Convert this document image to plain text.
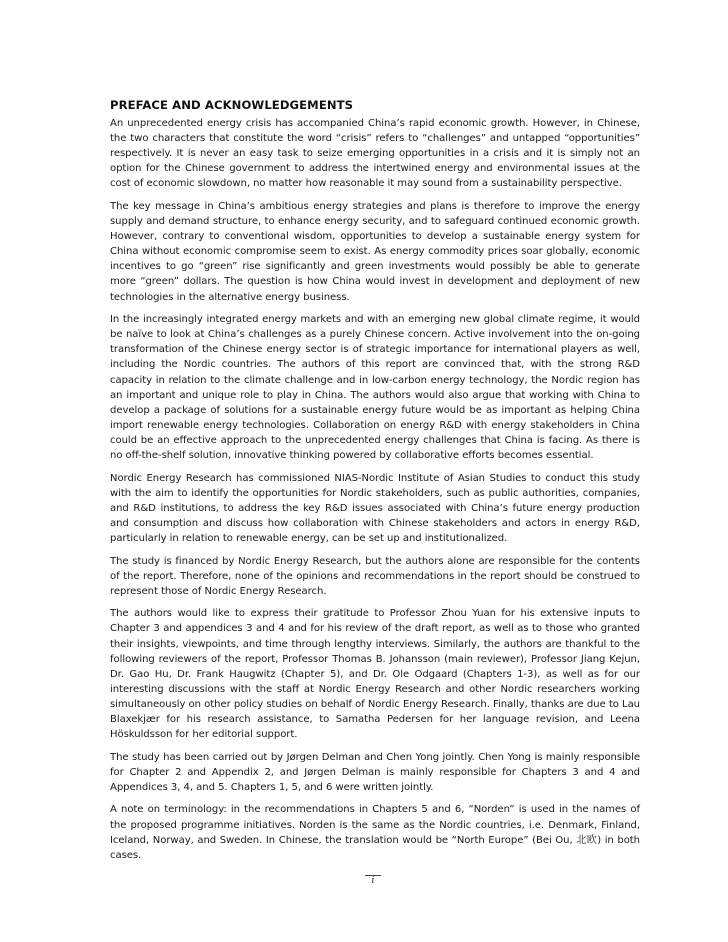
PREFACE AND ACKNOWLEDGEMENTS

An unprecedented energy crisis has accompanied China’s rapid economic growth. However, in Chinese, the two characters that constitute the word “crisis” refers to “challenges” and untapped “opportunities” respectively. It is never an easy task to seize emerging opportunities in a crisis and it is simply not an option for the Chinese government to address the intertwined energy and environmental issues at the cost of economic slowdown, no matter how reasonable it may sound from a sustainability perspective.

The key message in China’s ambitious energy strategies and plans is therefore to improve the energy supply and demand structure, to enhance energy security, and to safeguard continued economic growth. However, contrary to conventional wisdom, opportunities to develop a sustainable energy system for China without economic compromise seem to exist. As energy commodity prices soar globally, economic incentives to go “green” rise significantly and green investments would possibly be able to generate more “green” dollars. The question is how China would invest in development and deployment of new technologies in the alternative energy business.

In the increasingly integrated energy markets and with an emerging new global climate regime, it would be naïve to look at China’s challenges as a purely Chinese concern. Active involvement into the on-going transformation of the Chinese energy sector is of strategic importance for international players as well, including the Nordic countries. The authors of this report are convinced that, with the strong R&D capacity in relation to the climate challenge and in low-carbon energy technology, the Nordic region has an important and unique role to play in China. The authors would also argue that working with China to develop a package of solutions for a sustainable energy future would be as important as helping China import renewable energy technologies. Collaboration on energy R&D with energy stakeholders in China could be an effective approach to the unprecedented energy challenges that China is facing. As there is no off-the-shelf solution, innovative thinking powered by collaborative efforts becomes essential.

Nordic Energy Research has commissioned NIAS-Nordic Institute of Asian Studies to conduct this study with the aim to identify the opportunities for Nordic stakeholders, such as public authorities, companies, and R&D institutions, to address the key R&D issues associated with China’s future energy production and consumption and discuss how collaboration with Chinese stakeholders and actors in energy R&D, particularly in relation to renewable energy, can be set up and institutionalized.

The study is financed by Nordic Energy Research, but the authors alone are responsible for the contents of the report. Therefore, none of the opinions and recommendations in the report should be construed to represent those of Nordic Energy Research.

The authors would like to express their gratitude to Professor Zhou Yuan for his extensive inputs to Chapter 3 and appendices 3 and 4 and for his review of the draft report, as well as to those who granted their insights, viewpoints, and time through lengthy interviews. Similarly, the authors are thankful to the following reviewers of the report, Professor Thomas B. Johansson (main reviewer), Professor Jiang Kejun, Dr. Gao Hu, Dr. Frank Haugwitz (Chapter 5), and Dr. Ole Odgaard (Chapters 1-3), as well as for our interesting discussions with the staff at Nordic Energy Research and other Nordic researchers working simultaneously on other policy studies on behalf of Nordic Energy Research. Finally, thanks are due to Lau Blaxekjær for his research assistance, to Samatha Pedersen for her language revision, and Leena Höskuldsson for her editorial support.

The study has been carried out by Jørgen Delman and Chen Yong jointly. Chen Yong is mainly responsible for Chapter 2 and Appendix 2, and Jørgen Delman is mainly responsible for Chapters 3 and 4 and Appendices 3, 4, and 5. Chapters 1, 5, and 6 were written jointly.

A note on terminology: in the recommendations in Chapters 5 and 6, “Norden” is used in the names of the proposed programme initiatives. Norden is the same as the Nordic countries, i.e. Denmark, Finland, Iceland, Norway, and Sweden. In Chinese, the translation would be “North Europe” (Bei Ou, 北欧) in both cases.

i
